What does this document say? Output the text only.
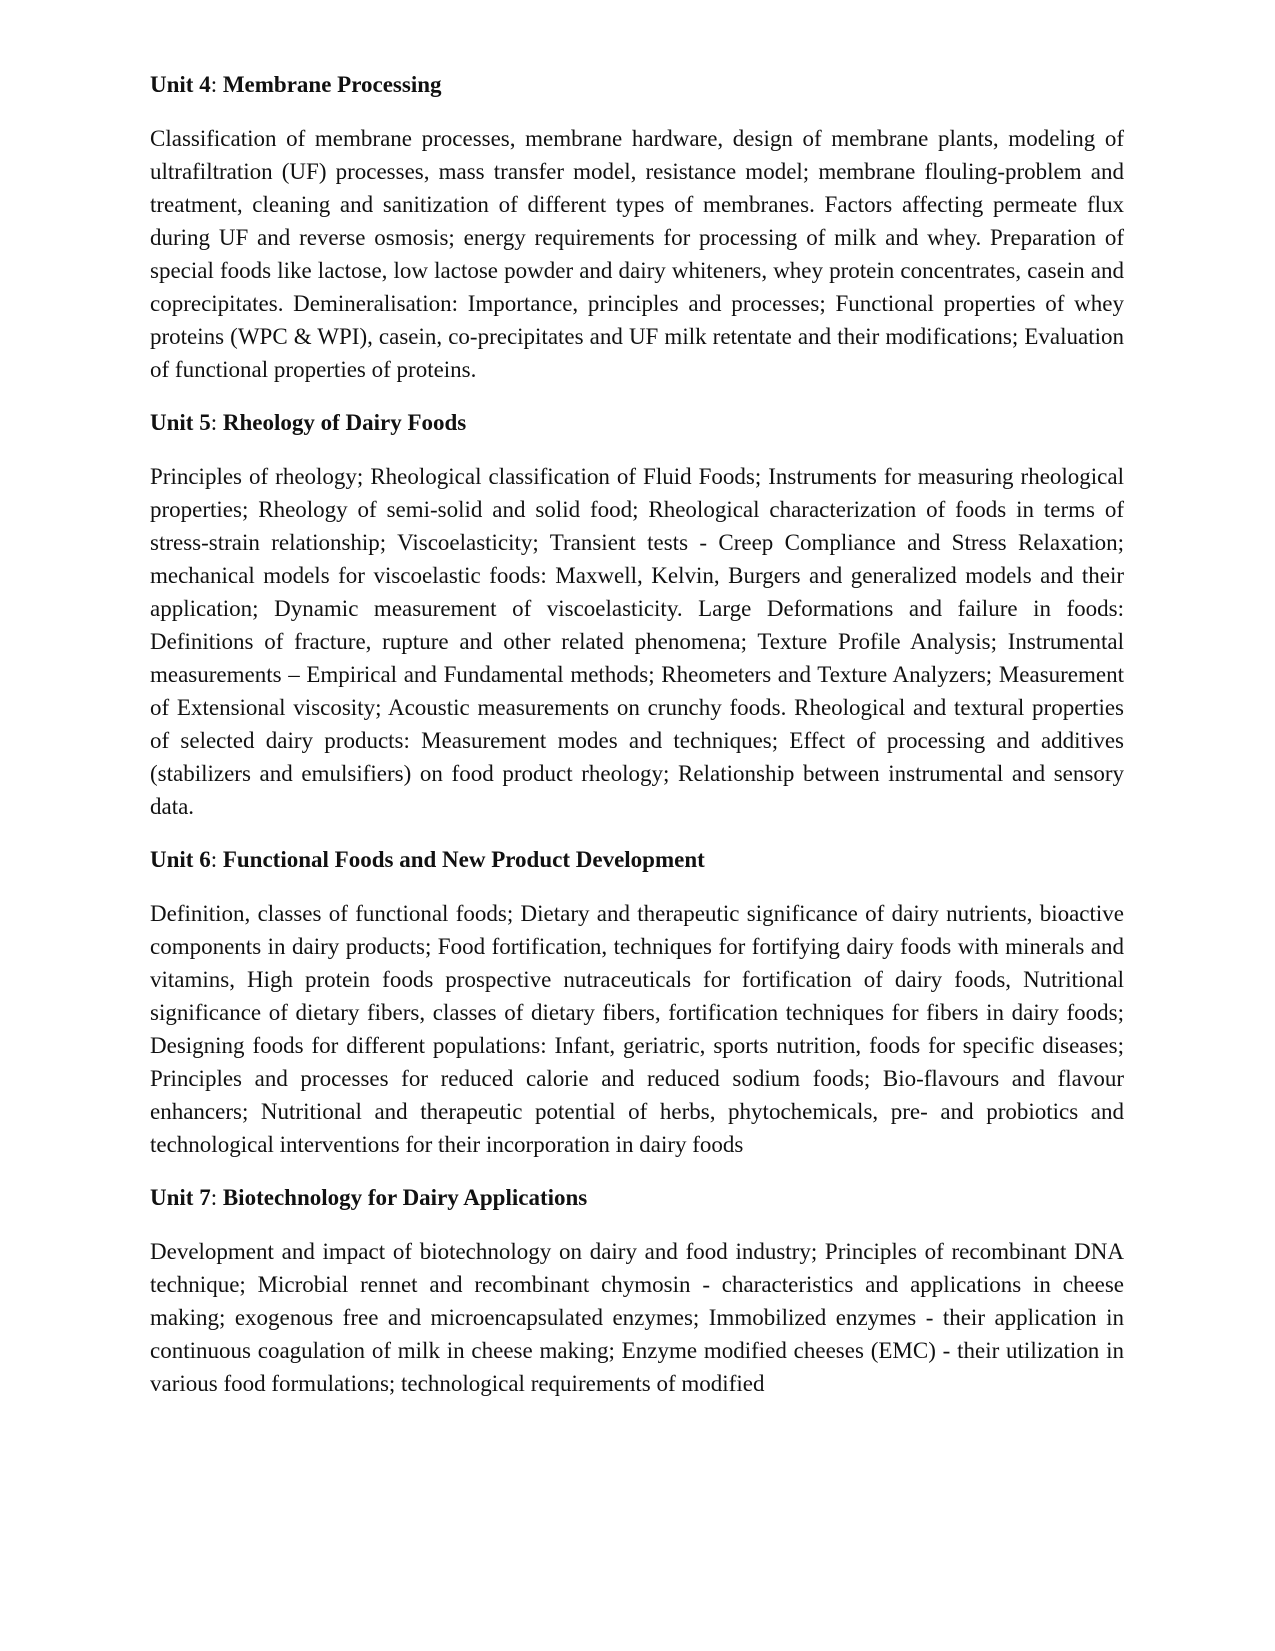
Unit 4: Membrane Processing

Classification of membrane processes, membrane hardware, design of membrane plants, modeling of ultrafiltration (UF) processes, mass transfer model, resistance model; membrane flouling-problem and treatment, cleaning and sanitization of different types of membranes. Factors affecting permeate flux during UF and reverse osmosis; energy requirements for processing of milk and whey. Preparation of special foods like lactose, low lactose powder and dairy whiteners, whey protein concentrates, casein and coprecipitates. Demineralisation: Importance, principles and processes; Functional properties of whey proteins (WPC & WPI), casein, co-precipitates and UF milk retentate and their modifications; Evaluation of functional properties of proteins.

Unit 5: Rheology of Dairy Foods

Principles of rheology; Rheological classification of Fluid Foods; Instruments for measuring rheological properties; Rheology of semi-solid and solid food; Rheological characterization of foods in terms of stress-strain relationship; Viscoelasticity; Transient tests - Creep Compliance and Stress Relaxation; mechanical models for viscoelastic foods: Maxwell, Kelvin, Burgers and generalized models and their application; Dynamic measurement of viscoelasticity. Large Deformations and failure in foods: Definitions of fracture, rupture and other related phenomena; Texture Profile Analysis; Instrumental measurements – Empirical and Fundamental methods; Rheometers and Texture Analyzers; Measurement of Extensional viscosity; Acoustic measurements on crunchy foods. Rheological and textural properties of selected dairy products: Measurement modes and techniques; Effect of processing and additives (stabilizers and emulsifiers) on food product rheology; Relationship between instrumental and sensory data.

Unit 6: Functional Foods and New Product Development

Definition, classes of functional foods; Dietary and therapeutic significance of dairy nutrients, bioactive components in dairy products; Food fortification, techniques for fortifying dairy foods with minerals and vitamins, High protein foods prospective nutraceuticals for fortification of dairy foods, Nutritional significance of dietary fibers, classes of dietary fibers, fortification techniques for fibers in dairy foods; Designing foods for different populations: Infant, geriatric, sports nutrition, foods for specific diseases; Principles and processes for reduced calorie and reduced sodium foods; Bio-flavours and flavour enhancers; Nutritional and therapeutic potential of herbs, phytochemicals, pre- and probiotics and technological interventions for their incorporation in dairy foods

Unit 7: Biotechnology for Dairy Applications

Development and impact of biotechnology on dairy and food industry; Principles of recombinant DNA technique; Microbial rennet and recombinant chymosin - characteristics and applications in cheese making; exogenous free and microencapsulated enzymes; Immobilized enzymes - their application in continuous coagulation of milk in cheese making; Enzyme modified cheeses (EMC) - their utilization in various food formulations; technological requirements of modified
